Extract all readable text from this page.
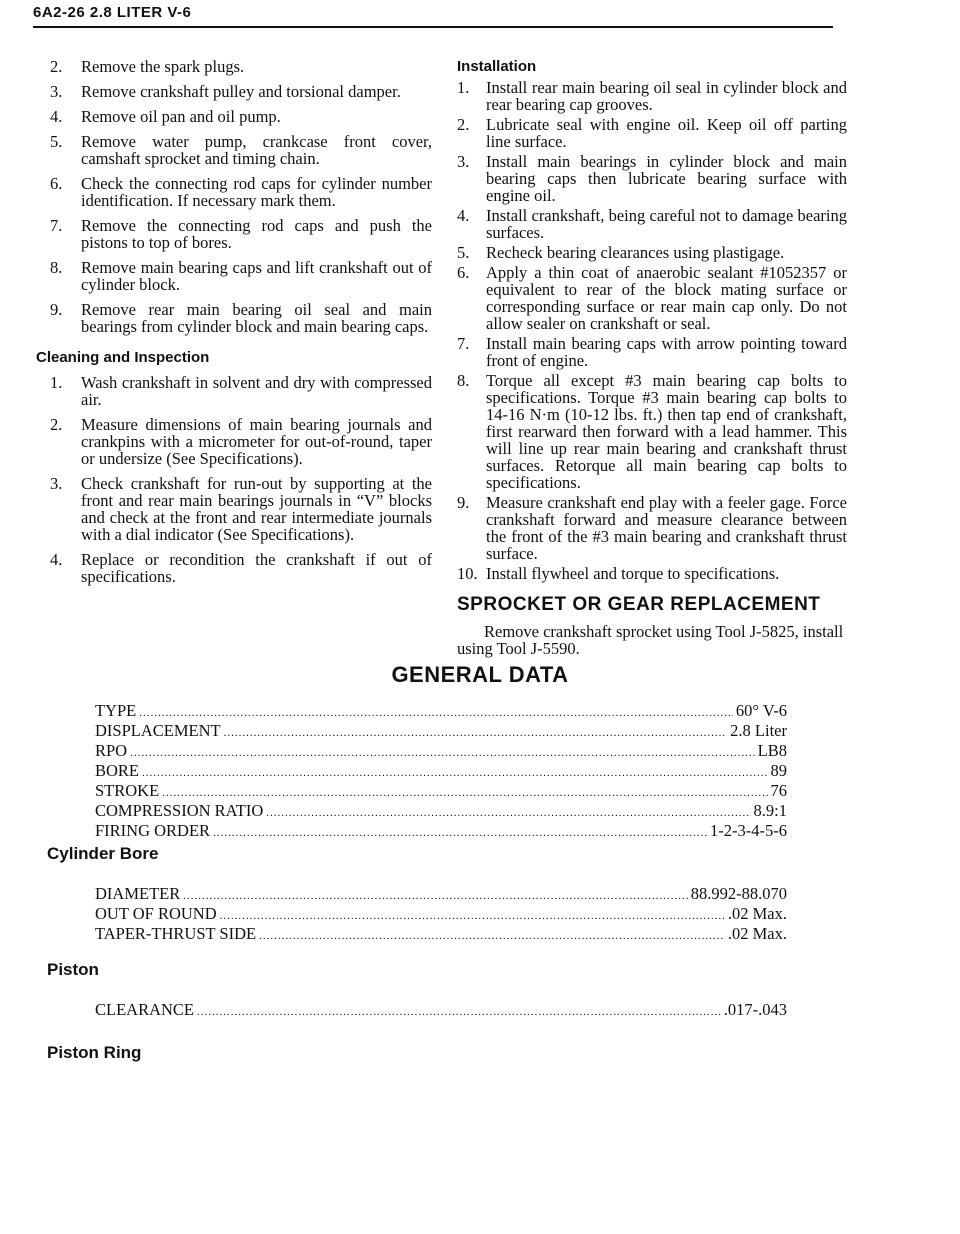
6A2-26 2.8 LITER V-6
2.	Remove the spark plugs.
3.	Remove crankshaft pulley and torsional damper.
4.	Remove oil pan and oil pump.
5.	Remove water pump, crankcase front cover, camshaft sprocket and timing chain.
6.	Check the connecting rod caps for cylinder number identification. If necessary mark them.
7.	Remove the connecting rod caps and push the pistons to top of bores.
8.	Remove main bearing caps and lift crankshaft out of cylinder block.
9.	Remove rear main bearing oil seal and main bearings from cylinder block and main bearing caps.
Cleaning and Inspection
1.	Wash crankshaft in solvent and dry with compressed air.
2.	Measure dimensions of main bearing journals and crankpins with a micrometer for out-of-round, taper or undersize (See Specifications).
3.	Check crankshaft for run-out by supporting at the front and rear main bearings journals in “V” blocks and check at the front and rear intermediate journals with a dial indicator (See Specifications).
4.	Replace or recondition the crankshaft if out of specifications.
Installation
1.	Install rear main bearing oil seal in cylinder block and rear bearing cap grooves.
2.	Lubricate seal with engine oil. Keep oil off parting line surface.
3.	Install main bearings in cylinder block and main bearing caps then lubricate bearing surface with engine oil.
4.	Install crankshaft, being careful not to damage bearing surfaces.
5.	Recheck bearing clearances using plastigage.
6.	Apply a thin coat of anaerobic sealant #1052357 or equivalent to rear of the block mating surface or corresponding surface or rear main cap only. Do not allow sealer on crankshaft or seal.
7.	Install main bearing caps with arrow pointing toward front of engine.
8.	Torque all except #3 main bearing cap bolts to specifications. Torque #3 main bearing cap bolts to 14-16 N·m (10-12 lbs. ft.) then tap end of crankshaft, first rearward then forward with a lead hammer. This will line up rear main bearing and crankshaft thrust surfaces. Retorque all main bearing cap bolts to specifications.
9.	Measure crankshaft end play with a feeler gage. Force crankshaft forward and measure clearance between the front of the #3 main bearing and crankshaft thrust surface.
10. Install flywheel and torque to specifications.
SPROCKET OR GEAR REPLACEMENT
Remove crankshaft sprocket using Tool J-5825, install using Tool J-5590.
GENERAL DATA
TYPE .....	60° V-6
DISPLACEMENT .....	2.8 Liter
RPO .....	LB8
BORE .....	89
STROKE .....	76
COMPRESSION RATIO .....	8.9:1
FIRING ORDER .....	1-2-3-4-5-6
Cylinder Bore
DIAMETER .....	88.992-88.070
OUT OF ROUND .....	.02 Max.
TAPER-THRUST SIDE .....	.02 Max.
Piston
CLEARANCE .....	.017-.043
Piston Ring
